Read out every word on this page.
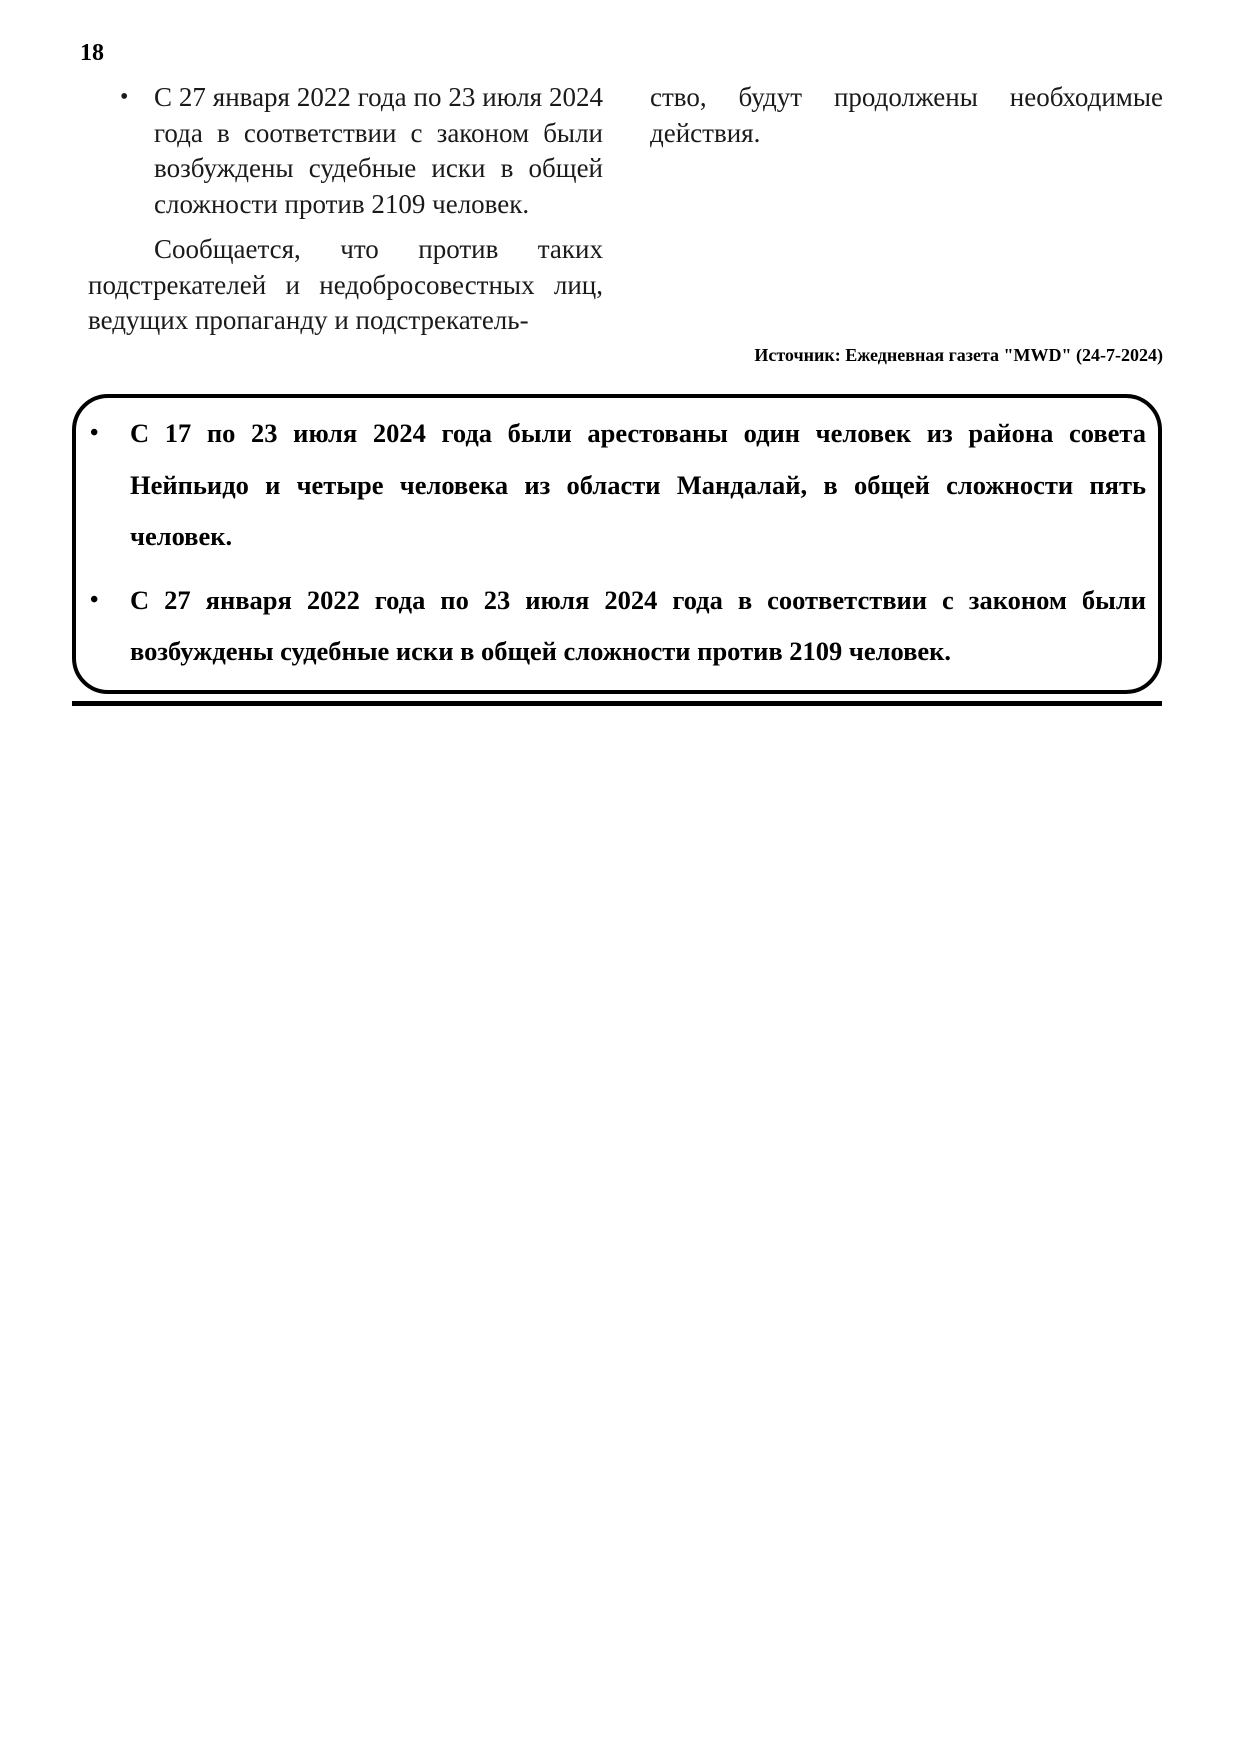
18
• С 27 января 2022 года по 23 июля 2024 года в соответствии с законом были возбуждены судебные иски в общей сложности против 2109 человек.
Сообщается, что против таких подстрекателей и недобросовестных лиц, ведущих пропаганду и подстрекатель-
ство, будут продолжены необходимые действия.
Источник: Ежедневная газета "MWD" (24-7-2024)
• С 17 по 23 июля 2024 года были арестованы один человек из района совета Нейпьидо и четыре человека из области Мандалай, в общей сложности пять человек.
• С 27 января 2022 года по 23 июля 2024 года в соответствии с законом были возбуждены судебные иски в общей сложности против 2109 человек.
